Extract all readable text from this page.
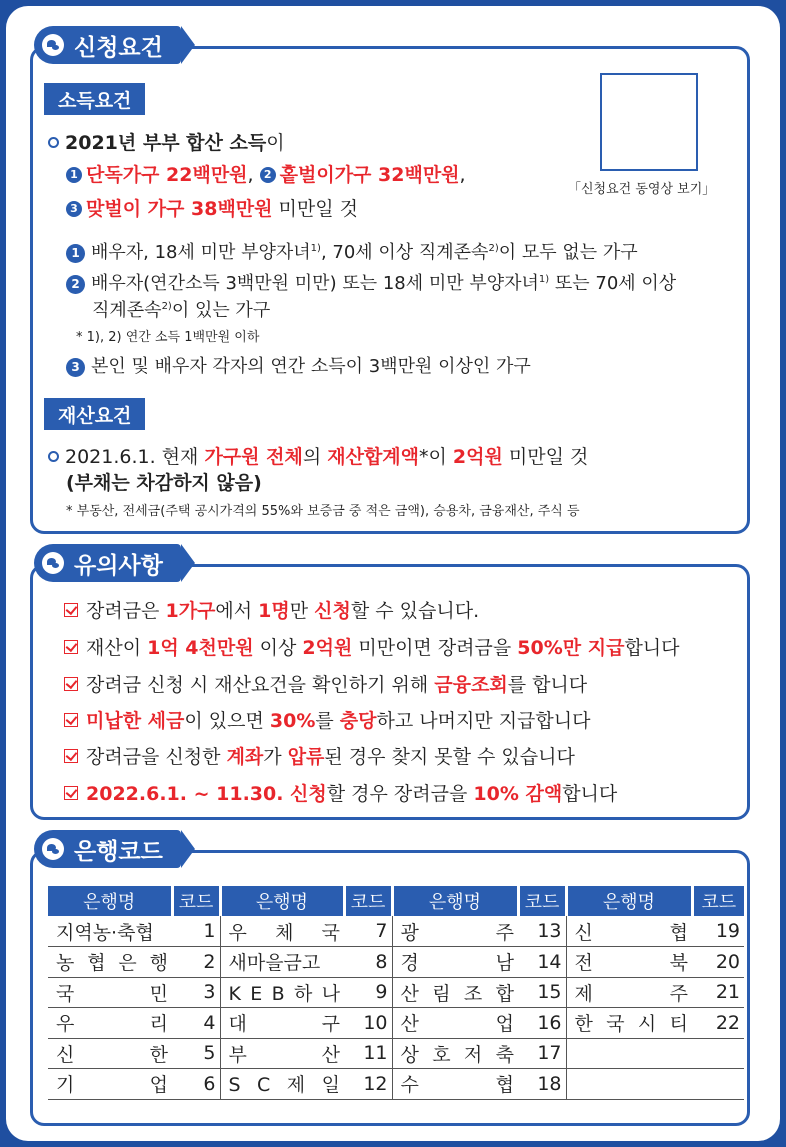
신청요건
소득요건
「신청요건 동영상 보기」
2021년 부부 합산 소득이
1 단독가구 22백만원, 2 홑벌이가구 32백만원,
3 맞벌이 가구 38백만원 미만일 것
1 배우자, 18세 미만 부양자녀$^{1)}$, 70세 이상 직계존속$^{2)}$이 모두 없는 가구
2 배우자(연간소득 3백만원 미만) 또는 18세 미만 부양자녀$^{1)}$ 또는 70세 이상
직계존속$^{2)}$이 있는 가구
* 1), 2) 연간 소득 1백만원 이하
3 본인 및 배우자 각자의 연간 소득이 3백만원 이상인 가구
재산요건
2021.6.1. 현재 가구원 전체의 재산합계액*이 2억원 미만일 것
(부채는 차감하지 않음)
* 부동산, 전세금(주택 공시가격의 55%와 보증금 중 적은 금액), 승용차, 금융재산, 주식 등
유의사항
장려금은 1가구에서 1명만 신청할 수 있습니다.
재산이 1억 4천만원 이상 2억원 미만이면 장려금을 50%만 지급합니다
장려금 신청 시 재산요건을 확인하기 위해 금융조회를 합니다
미납한 세금이 있으면 30%를 충당하고 나머지만 지급합니다
장려금을 신청한 계좌가 압류된 경우 찾지 못할 수 있습니다
2022.6.1. ~ 11.30. 신청할 경우 장려금을 10% 감액합니다
은행코드
은행명	코드	은행명	코드	은행명	코드	은행명	코드
지역농·축협	1	우 체 국	7	광 주	13	신 협	19
농 협 은 행	2	새마을금고	8	경 남	14	전 북	20
국 민	3	K E B 하 나	9	산 림 조 합	15	제 주	21
우 리	4	대 구	10	산 업	16	한 국 시 티	22
신 한	5	부 산	11	상 호 저 축	17		
기 업	6	S C 제 일	12	수 협	18		
